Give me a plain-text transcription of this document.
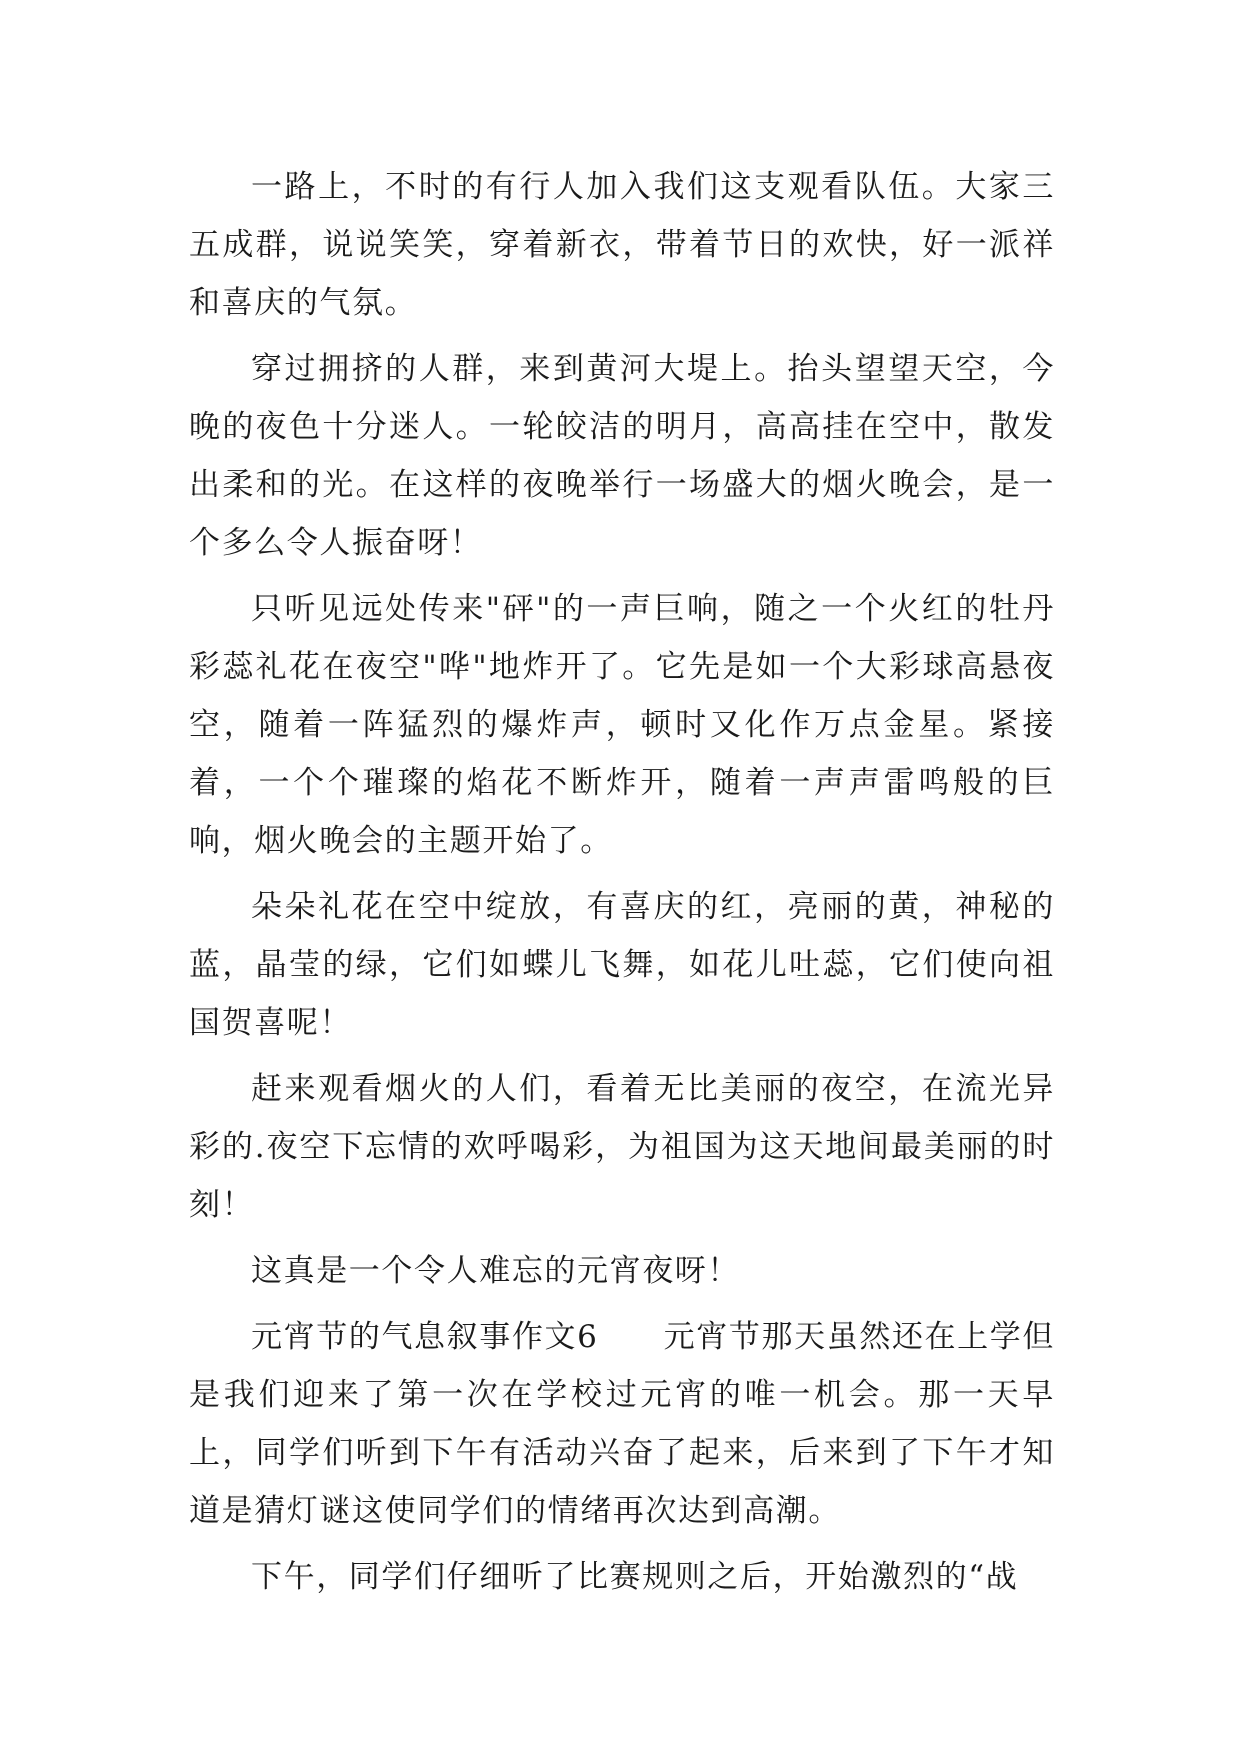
一路上，不时的有行人加入我们这支观看队伍。大家三五成群，说说笑笑，穿着新衣，带着节日的欢快，好一派祥和喜庆的气氛。

穿过拥挤的人群，来到黄河大堤上。抬头望望天空，今晚的夜色十分迷人。一轮皎洁的明月，高高挂在空中，散发出柔和的光。在这样的夜晚举行一场盛大的烟火晚会，是一个多么令人振奋呀！

只听见远处传来"砰"的一声巨响，随之一个火红的牡丹彩蕊礼花在夜空"哗"地炸开了。它先是如一个大彩球高悬夜空，随着一阵猛烈的爆炸声，顿时又化作万点金星。紧接着，一个个璀璨的焰花不断炸开，随着一声声雷鸣般的巨响，烟火晚会的主题开始了。

朵朵礼花在空中绽放，有喜庆的红，亮丽的黄，神秘的蓝，晶莹的绿，它们如蝶儿飞舞，如花儿吐蕊，它们使向祖国贺喜呢！

赶来观看烟火的人们，看着无比美丽的夜空，在流光异彩的.夜空下忘情的欢呼喝彩，为祖国为这天地间最美丽的时刻！

这真是一个令人难忘的元宵夜呀！

元宵节的气息叙事作文6　　元宵节那天虽然还在上学但是我们迎来了第一次在学校过元宵的唯一机会。那一天早上，同学们听到下午有活动兴奋了起来，后来到了下午才知道是猜灯谜这使同学们的情绪再次达到高潮。

下午，同学们仔细听了比赛规则之后，开始激烈的“战
